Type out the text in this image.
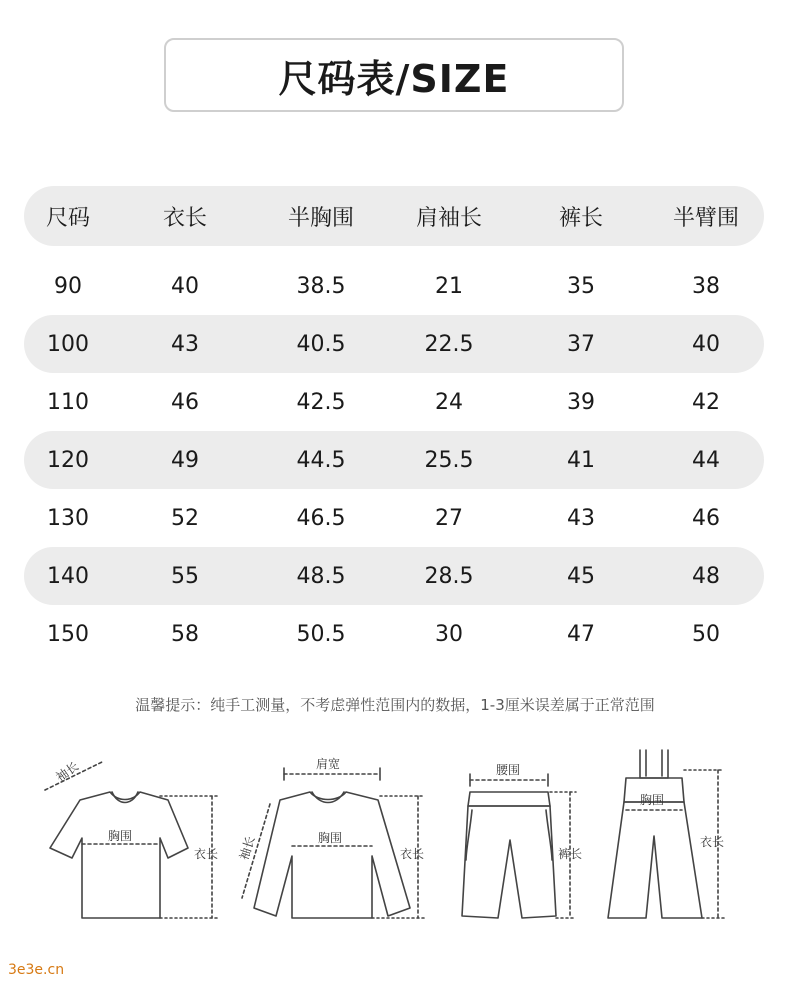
尺码表/SIZE
尺码	衣长	半胸围	肩袖长	裤长	半臂围
90	40	38.5	21	35	38
100	43	40.5	22.5	37	40
110	46	42.5	24	39	42
120	49	44.5	25.5	41	44
130	52	46.5	27	43	46
140	55	48.5	28.5	45	48
150	58	50.5	30	47	50
温馨提示：纯手工测量，不考虑弹性范围内的数据，1-3厘米误差属于正常范围
袖长
胸围
衣长
肩宽
袖长	胸围
衣长
腰围
裤长
胸围
衣长
3e3e.cn
